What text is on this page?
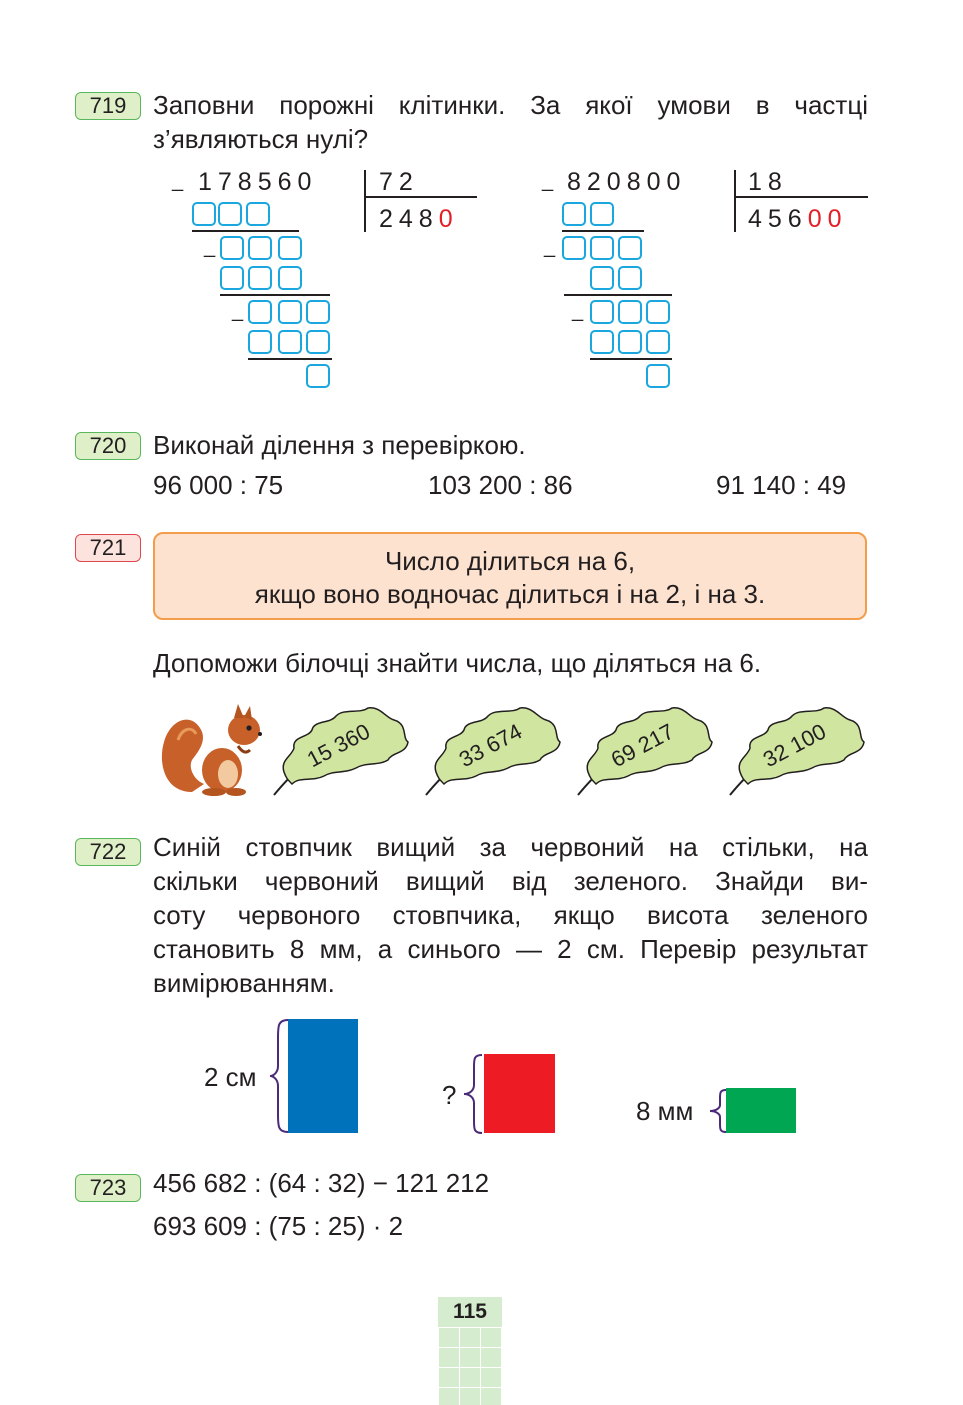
719	Заповни порожні клітинки. За якої умови в частці
з’являються нулі?
_ 178560 72
2480
_
_
_ 820800 18
45600
_
_
720	Виконай ділення з перевіркою.
96 000 : 75	103 200 : 86	91 140 : 49
721	Число ділиться на 6,
якщо воно водночас ділиться і на 2, і на 3.
Допоможи білочці знайти числа, що діляться на 6.
15 360	33 674	69 217	32 100
722	Синій стовпчик вищий за червоний на стільки, на
скільки червоний вищий від зеленого. Знайди ви-
соту червоного стовпчика, якщо висота зеленого
становить 8 мм, а синього — 2 см. Перевір результат
вимірюванням.
2 см
?
8 мм
723	456 682 : (64 : 32) − 121 212
693 609 : (75 : 25) · 2
115
